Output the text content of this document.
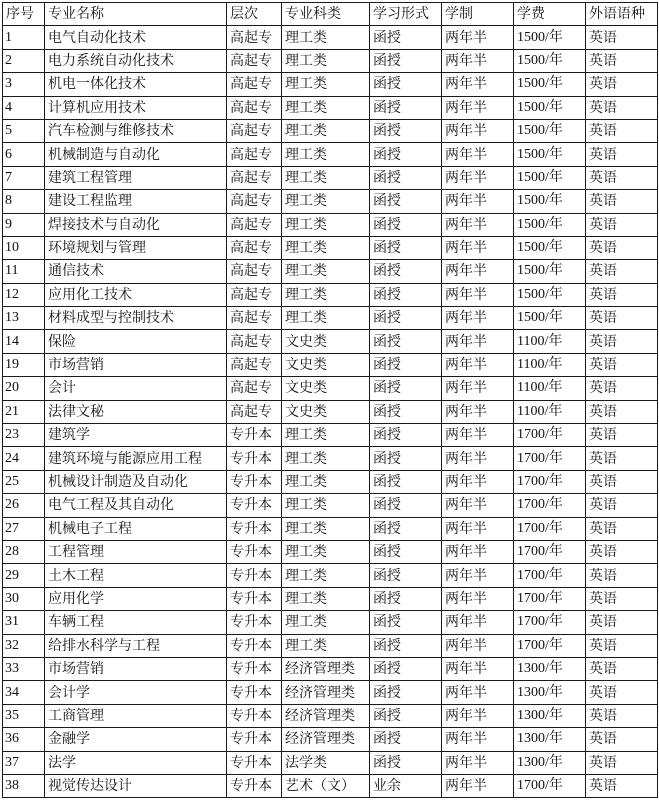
序号	专业名称	层次	专业科类	学习形式	学制	学费	外语语种
1	电气自动化技术	高起专	理工类	函授	两年半	1500/年	英语
2	电力系统自动化技术	高起专	理工类	函授	两年半	1500/年	英语
3	机电一体化技术	高起专	理工类	函授	两年半	1500/年	英语
4	计算机应用技术	高起专	理工类	函授	两年半	1500/年	英语
5	汽车检测与维修技术	高起专	理工类	函授	两年半	1500/年	英语
6	机械制造与自动化	高起专	理工类	函授	两年半	1500/年	英语
7	建筑工程管理	高起专	理工类	函授	两年半	1500/年	英语
8	建设工程监理	高起专	理工类	函授	两年半	1500/年	英语
9	焊接技术与自动化	高起专	理工类	函授	两年半	1500/年	英语
10	环境规划与管理	高起专	理工类	函授	两年半	1500/年	英语
11	通信技术	高起专	理工类	函授	两年半	1500/年	英语
12	应用化工技术	高起专	理工类	函授	两年半	1500/年	英语
13	材料成型与控制技术	高起专	理工类	函授	两年半	1500/年	英语
14	保险	高起专	文史类	函授	两年半	1100/年	英语
19	市场营销	高起专	文史类	函授	两年半	1100/年	英语
20	会计	高起专	文史类	函授	两年半	1100/年	英语
21	法律文秘	高起专	文史类	函授	两年半	1100/年	英语
23	建筑学	专升本	理工类	函授	两年半	1700/年	英语
24	建筑环境与能源应用工程	专升本	理工类	函授	两年半	1700/年	英语
25	机械设计制造及自动化	专升本	理工类	函授	两年半	1700/年	英语
26	电气工程及其自动化	专升本	理工类	函授	两年半	1700/年	英语
27	机械电子工程	专升本	理工类	函授	两年半	1700/年	英语
28	工程管理	专升本	理工类	函授	两年半	1700/年	英语
29	土木工程	专升本	理工类	函授	两年半	1700/年	英语
30	应用化学	专升本	理工类	函授	两年半	1700/年	英语
31	车辆工程	专升本	理工类	函授	两年半	1700/年	英语
32	给排水科学与工程	专升本	理工类	函授	两年半	1700/年	英语
33	市场营销	专升本	经济管理类	函授	两年半	1300/年	英语
34	会计学	专升本	经济管理类	函授	两年半	1300/年	英语
35	工商管理	专升本	经济管理类	函授	两年半	1300/年	英语
36	金融学	专升本	经济管理类	函授	两年半	1300/年	英语
37	法学	专升本	法学类	函授	两年半	1300/年	英语
38	视觉传达设计	专升本	艺术（文）	业余	两年半	1700/年	英语
